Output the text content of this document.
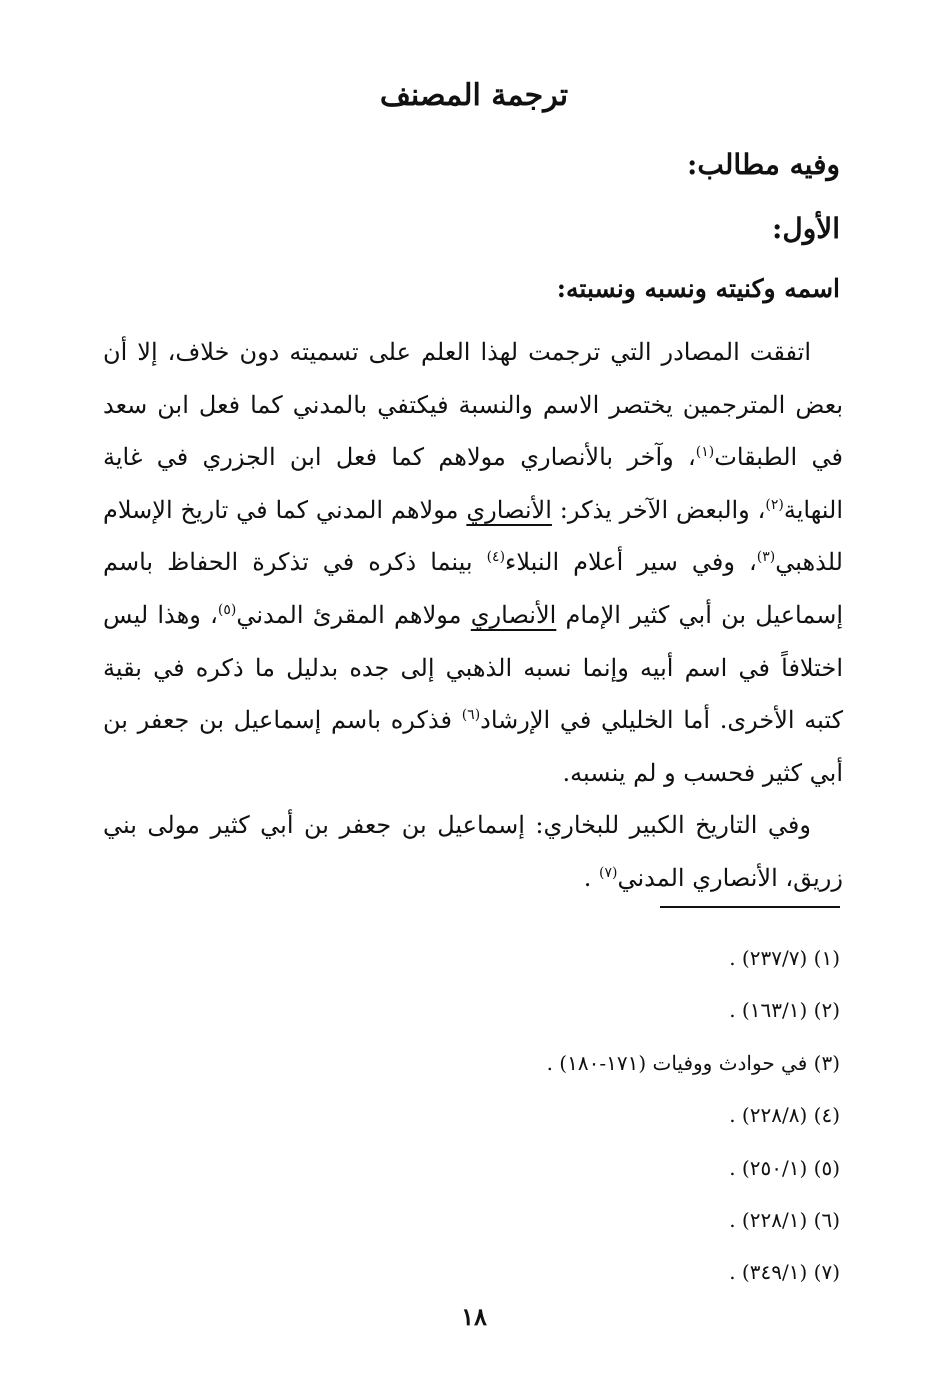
ترجمة المصنف
وفيه مطالب:
الأول:
اسمه وكنيته ونسبه ونسبته:

اتفقت المصادر التي ترجمت لهذا العلم على تسميته دون خلاف، إلا أن بعض المترجمين يختصر الاسم والنسبة فيكتفي بالمدني كما فعل ابن سعد في الطبقات$^{(١)}$، وآخر بالأنصاري مولاهم كما فعل ابن الجزري في غاية النهاية$^{(٢)}$، والبعض الآخر يذكر: الأنصاري مولاهم المدني كما في تاريخ الإسلام للذهبي$^{(٣)}$، وفي سير أعلام النبلاء$^{(٤)}$ بينما ذكره في تذكرة الحفاظ باسم إسماعيل بن أبي كثير الإمام الأنصاري مولاهم المقرئ المدني$^{(٥)}$، وهذا ليس اختلافاً في اسم أبيه وإنما نسبه الذهبي إلى جده بدليل ما ذكره في بقية كتبه الأخرى. أما الخليلي في الإرشاد$^{(٦)}$ فذكره باسم إسماعيل بن جعفر بن أبي كثير فحسب و لم ينسبه.

وفي التاريخ الكبير للبخاري: إسماعيل بن جعفر بن أبي كثير مولى بني زريق، الأنصاري المدني$^{(٧)}$ .

(١) (٢٣٧/٧) .
(٢) (١٦٣/١) .
(٣) في حوادث ووفيات (١٧١-١٨٠) .
(٤) (٢٢٨/٨) .
(٥) (٢٥٠/١) .
(٦) (٢٢٨/١) .
(٧) (٣٤٩/١) .
١٨
